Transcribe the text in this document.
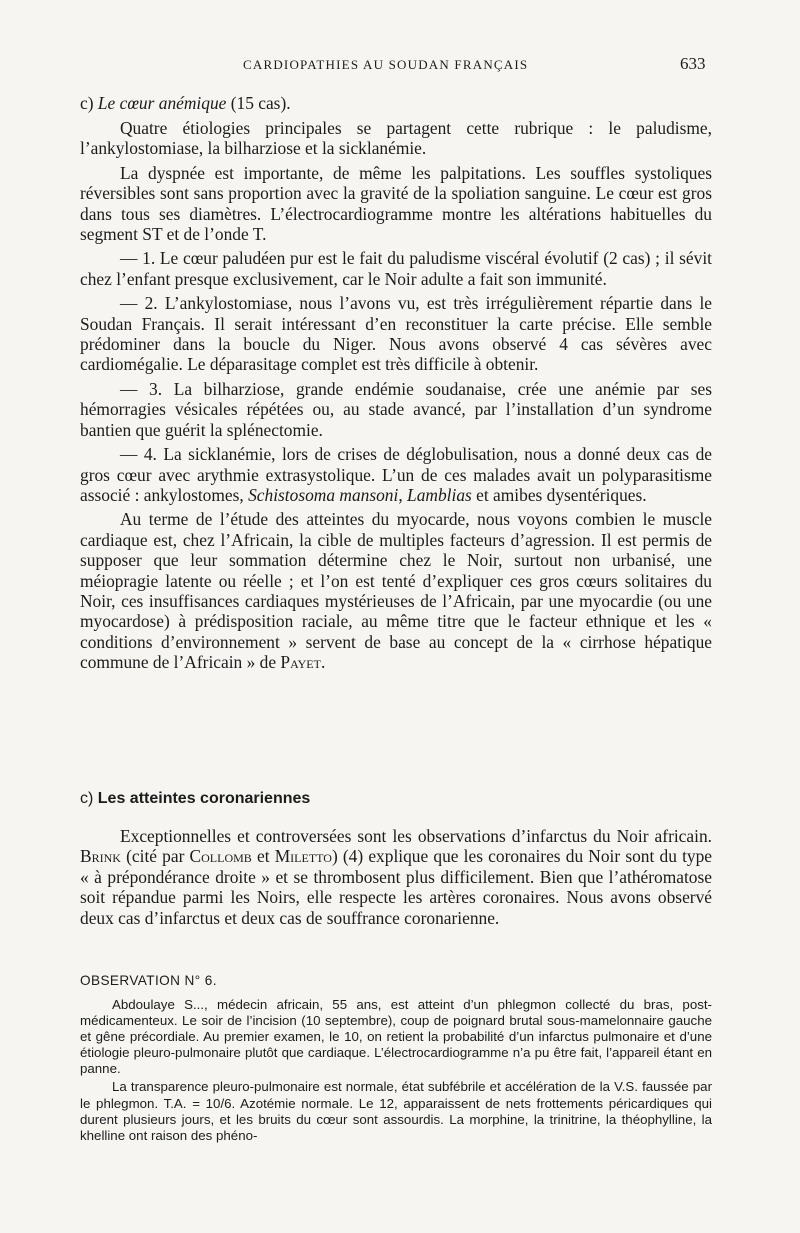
CARDIOPATHIES AU SOUDAN FRANÇAIS	633

c) Le cœur anémique (15 cas).

Quatre étiologies principales se partagent cette rubrique : le paludisme, l’ankylostomiase, la bilharziose et la sicklanémie.

La dyspnée est importante, de même les palpitations. Les souffles systoliques réversibles sont sans proportion avec la gravité de la spoliation sanguine. Le cœur est gros dans tous ses diamètres. L’électrocardiogramme montre les altérations habituelles du segment ST et de l’onde T.

— 1. Le cœur paludéen pur est le fait du paludisme viscéral évolutif (2 cas) ; il sévit chez l’enfant presque exclusivement, car le Noir adulte a fait son immunité.

— 2. L’ankylostomiase, nous l’avons vu, est très irrégulièrement répartie dans le Soudan Français. Il serait intéressant d’en reconstituer la carte précise. Elle semble prédominer dans la boucle du Niger. Nous avons observé 4 cas sévères avec cardiomégalie. Le déparasitage complet est très difficile à obtenir.

— 3. La bilharziose, grande endémie soudanaise, crée une anémie par ses hémorragies vésicales répétées ou, au stade avancé, par l’installation d’un syndrome bantien que guérit la splénectomie.

— 4. La sicklanémie, lors de crises de déglobulisation, nous a donné deux cas de gros cœur avec arythmie extrasystolique. L’un de ces malades avait un polyparasitisme associé : ankylostomes, Schistosoma mansoni, Lamblias et amibes dysentériques.

Au terme de l’étude des atteintes du myocarde, nous voyons combien le muscle cardiaque est, chez l’Africain, la cible de multiples facteurs d’agression. Il est permis de supposer que leur sommation détermine chez le Noir, surtout non urbanisé, une méiopragie latente ou réelle ; et l’on est tenté d’expliquer ces gros cœurs solitaires du Noir, ces insuffisances cardiaques mystérieuses de l’Africain, par une myocardie (ou une myocardose) à prédisposition raciale, au même titre que le facteur ethnique et les « conditions d’environnement » servent de base au concept de la « cirrhose hépatique commune de l’Africain » de Payet.

c) Les atteintes coronariennes

Exceptionnelles et controversées sont les observations d’infarctus du Noir africain. Brink (cité par Collomb et Miletto) (4) explique que les coronaires du Noir sont du type « à prépondérance droite » et se thrombosent plus difficilement. Bien que l’athéromatose soit répandue parmi les Noirs, elle respecte les artères coronaires. Nous avons observé deux cas d’infarctus et deux cas de souffrance coronarienne.

OBSERVATION N° 6.

Abdoulaye S..., médecin africain, 55 ans, est atteint d’un phlegmon collecté du bras, post-médicamenteux. Le soir de l’incision (10 septembre), coup de poignard brutal sous-mamelonnaire gauche et gêne précordiale. Au premier examen, le 10, on retient la probabilité d’un infarctus pulmonaire et d’une étiologie pleuro-pulmonaire plutôt que cardiaque. L’électrocardiogramme n’a pu être fait, l’appareil étant en panne.

La transparence pleuro-pulmonaire est normale, état subfébrile et accélération de la V.S. faussée par le phlegmon. T.A. = 10/6. Azotémie normale. Le 12, apparaissent de nets frottements péricardiques qui durent plusieurs jours, et les bruits du cœur sont assourdis. La morphine, la trinitrine, la théophylline, la khelline ont raison des phéno-
